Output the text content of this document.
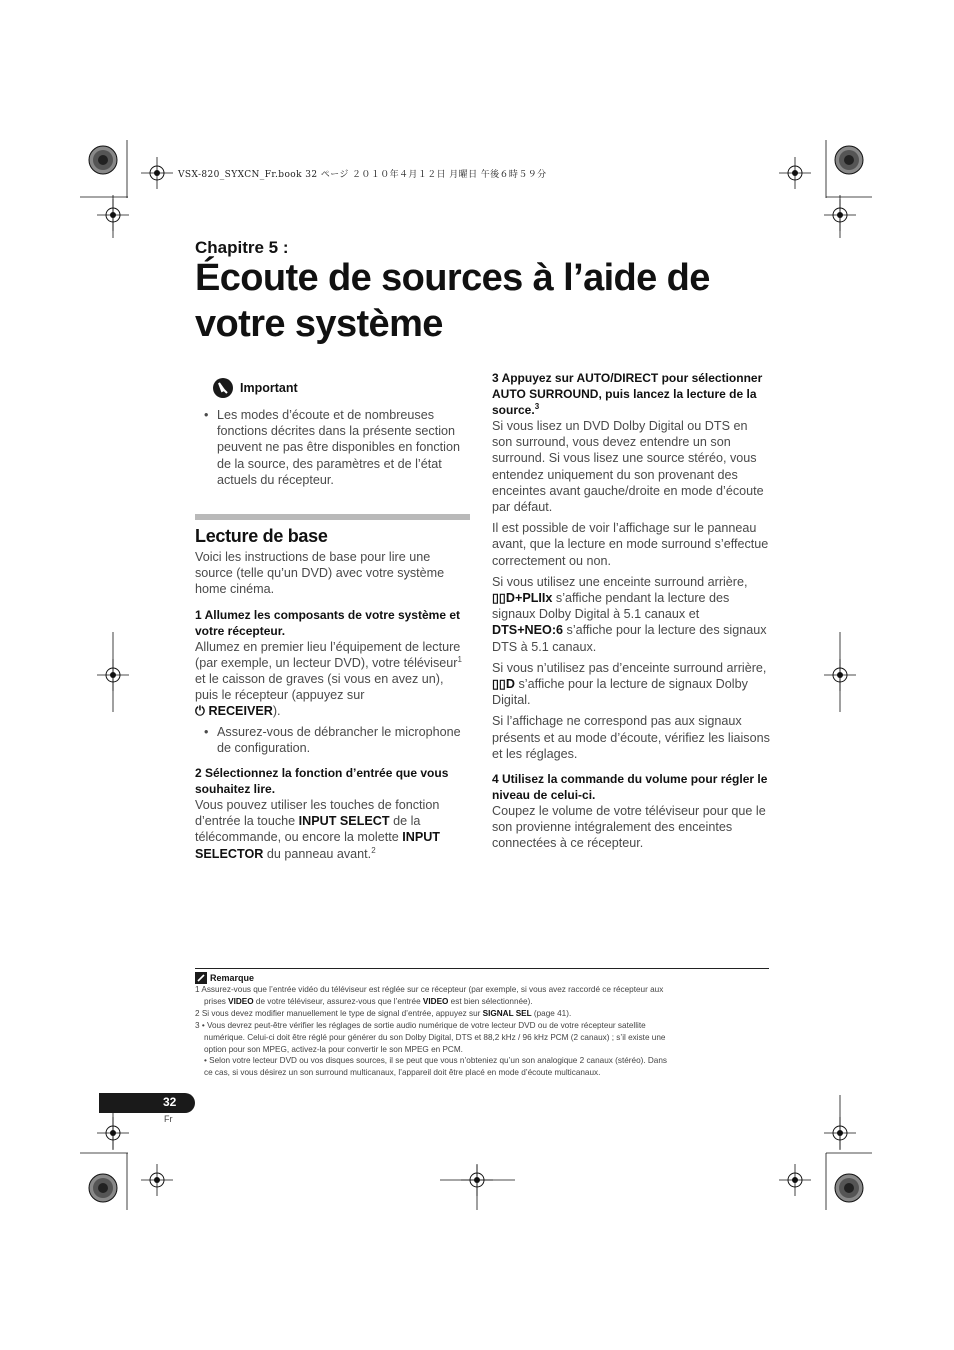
VSX-820_SYXCN_Fr.book 32 ページ ２０１０年４月１２日 月曜日 午後６時５９分
Chapitre 5 :
Écoute de sources à l’aide de
votre système
Important
• Les modes d’écoute et de nombreuses fonctions décrites dans la présente section peuvent ne pas être disponibles en fonction de la source, des paramètres et de l’état actuels du récepteur.
Lecture de base
Voici les instructions de base pour lire une source (telle qu’un DVD) avec votre système home cinéma.

1 Allumez les composants de votre système et votre récepteur.

Allumez en premier lieu l’équipement de lecture (par exemple, un lecteur DVD), votre téléviseur$^1$ et le caisson de graves (si vous en avez un), puis le récepteur (appuyez sur
⏻ RECEIVER).
• Assurez-vous de débrancher le microphone de configuration.

2 Sélectionnez la fonction d’entrée que vous souhaitez lire.

Vous pouvez utiliser les touches de fonction d’entrée la touche INPUT SELECT de la télécommande, ou encore la molette INPUT SELECTOR du panneau avant.$^2$

3 Appuyez sur AUTO/DIRECT pour sélectionner AUTO SURROUND, puis lancez la lecture de la source.$^3$

Si vous lisez un DVD Dolby Digital ou DTS en son surround, vous devez entendre un son surround. Si vous lisez une source stéréo, vous entendez uniquement du son provenant des enceintes avant gauche/droite en mode d’écoute par défaut.
Il est possible de voir l’affichage sur le panneau avant, que la lecture en mode surround s’effectue correctement ou non.
Si vous utilisez une enceinte surround arrière,
▯▯D+PLIIx s’affiche pendant la lecture des signaux Dolby Digital à 5.1 canaux et DTS+NEO:6 s’affiche pour la lecture des signaux DTS à 5.1 canaux.
Si vous n’utilisez pas d’enceinte surround arrière, ▯▯D s’affiche pour la lecture de signaux Dolby Digital.
Si l’affichage ne correspond pas aux signaux présents et au mode d’écoute, vérifiez les liaisons et les réglages.

4 Utilisez la commande du volume pour régler le niveau de celui-ci.

Coupez le volume de votre téléviseur pour que le son provienne intégralement des enceintes connectées à ce récepteur.
Remarque
1 Assurez-vous que l’entrée vidéo du téléviseur est réglée sur ce récepteur (par exemple, si vous avez raccordé ce récepteur aux
prises VIDEO de votre téléviseur, assurez-vous que l’entrée VIDEO est bien sélectionnée).
2 Si vous devez modifier manuellement le type de signal d’entrée, appuyez sur SIGNAL SEL (page 41).
3 • Vous devrez peut-être vérifier les réglages de sortie audio numérique de votre lecteur DVD ou de votre récepteur satellite
numérique. Celui-ci doit être réglé pour générer du son Dolby Digital, DTS et 88,2 kHz / 96 kHz PCM (2 canaux) ; s’il existe une
option pour son MPEG, activez-la pour convertir le son MPEG en PCM.
• Selon votre lecteur DVD ou vos disques sources, il se peut que vous n’obteniez qu’un son analogique 2 canaux (stéréo). Dans
ce cas, si vous désirez un son surround multicanaux, l’appareil doit être placé en mode d’écoute multicanaux.
32
Fr
